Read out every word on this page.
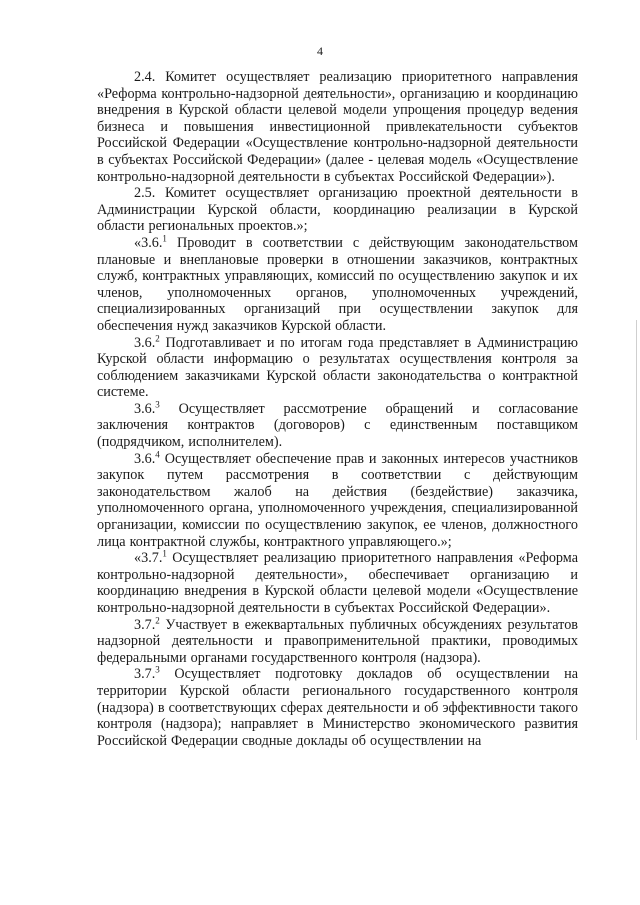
4

2.4. Комитет осуществляет реализацию приоритетного направления «Реформа контрольно-надзорной деятельности», организацию и координацию внедрения в Курской области целевой модели упрощения процедур ведения бизнеса и повышения инвестиционной привлекательности субъектов Российской Федерации «Осуществление контрольно-надзорной деятельности в субъектах Российской Федерации» (далее - целевая модель «Осуществление контрольно-надзорной деятельности в субъектах Российской Федерации»).

2.5. Комитет осуществляет организацию проектной деятельности в Администрации Курской области, координацию реализации в Курской области региональных проектов.»;

«3.6.$^1$ Проводит в соответствии с действующим законодательством плановые и внеплановые проверки в отношении заказчиков, контрактных служб, контрактных управляющих, комиссий по осуществлению закупок и их членов, уполномоченных органов, уполномоченных учреждений, специализированных организаций при осуществлении закупок для обеспечения нужд заказчиков Курской области.

3.6.$^2$ Подготавливает и по итогам года представляет в Администрацию Курской области информацию о результатах осуществления контроля за соблюдением заказчиками Курской области законодательства о контрактной системе.

3.6.$^3$ Осуществляет рассмотрение обращений и согласование заключения контрактов (договоров) с единственным поставщиком (подрядчиком, исполнителем).

3.6.$^4$ Осуществляет обеспечение прав и законных интересов участников закупок путем рассмотрения в соответствии с действующим законодательством жалоб на действия (бездействие) заказчика, уполномоченного органа, уполномоченного учреждения, специализированной организации, комиссии по осуществлению закупок, ее членов, должностного лица контрактной службы, контрактного управляющего.»;

«3.7.$^1$ Осуществляет реализацию приоритетного направления «Реформа контрольно-надзорной деятельности», обеспечивает организацию и координацию внедрения в Курской области целевой модели «Осуществление контрольно-надзорной деятельности в субъектах Российской Федерации».

3.7.$^2$ Участвует в ежеквартальных публичных обсуждениях результатов надзорной деятельности и правоприменительной практики, проводимых федеральными органами государственного контроля (надзора).

3.7.$^3$ Осуществляет подготовку докладов об осуществлении на территории Курской области регионального государственного контроля (надзора) в соответствующих сферах деятельности и об эффективности такого контроля (надзора); направляет в Министерство экономического развития Российской Федерации сводные доклады об осуществлении на
